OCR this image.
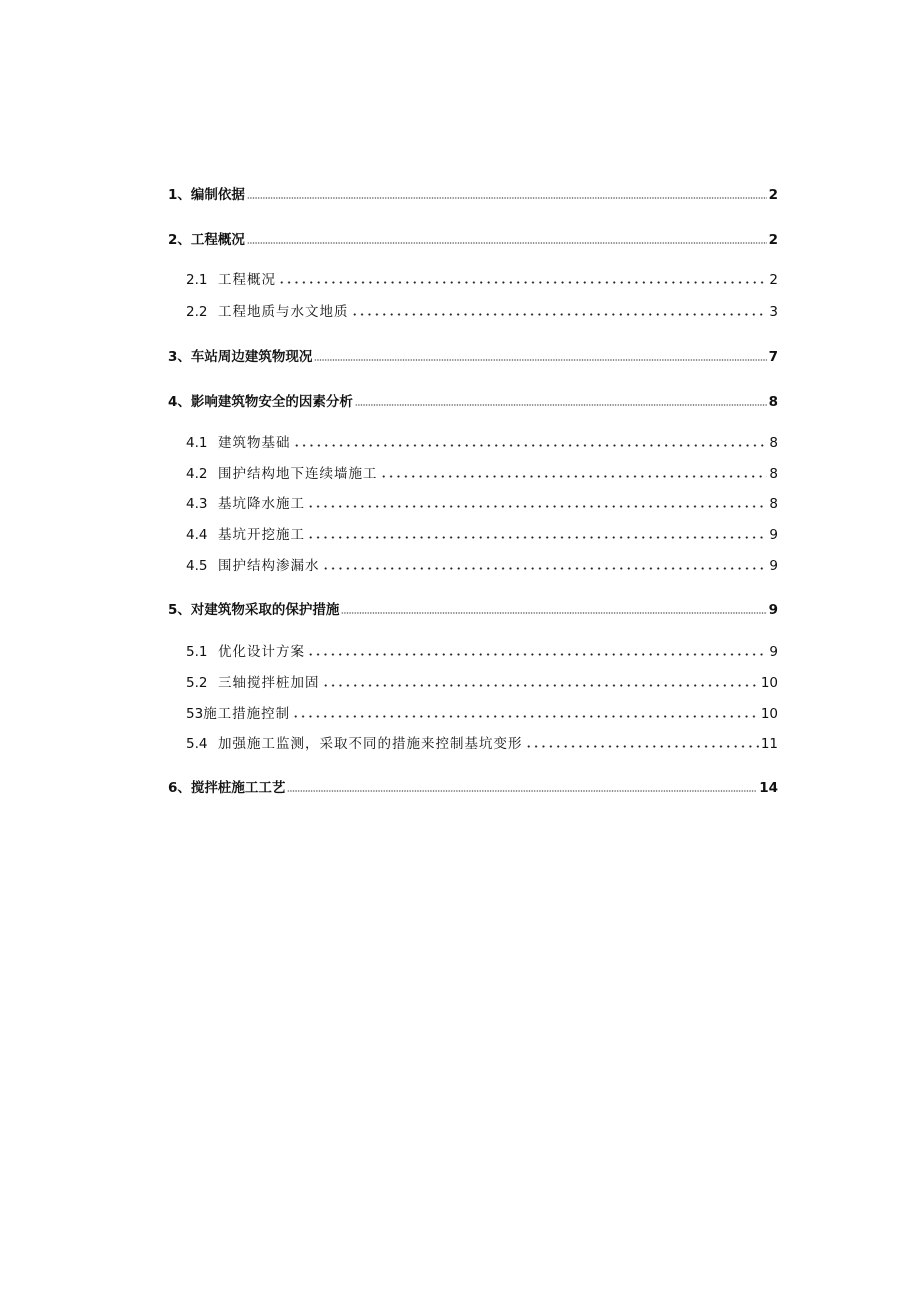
1、 编制依据	2
2、 工程概况	2
2.1 工程概况	2
2.2 工程地质与水文地质	3
3、 车站周边建筑物现况	7
4、 影响建筑物安全的因素分析	8
4.1 建筑物基础	8
4.2 围护结构地下连续墙施工	8
4.3 基坑降水施工	8
4.4 基坑开挖施工	9
4.5 围护结构渗漏水	9
5、 对建筑物采取的保护措施	9
5.1 优化设计方案	9
5.2 三轴搅拌桩加固	10
53 施工措施控制	10
5.4 加强施工监测，采取不同的措施来控制基坑变形	11
6、 搅拌桩施工工艺	14
